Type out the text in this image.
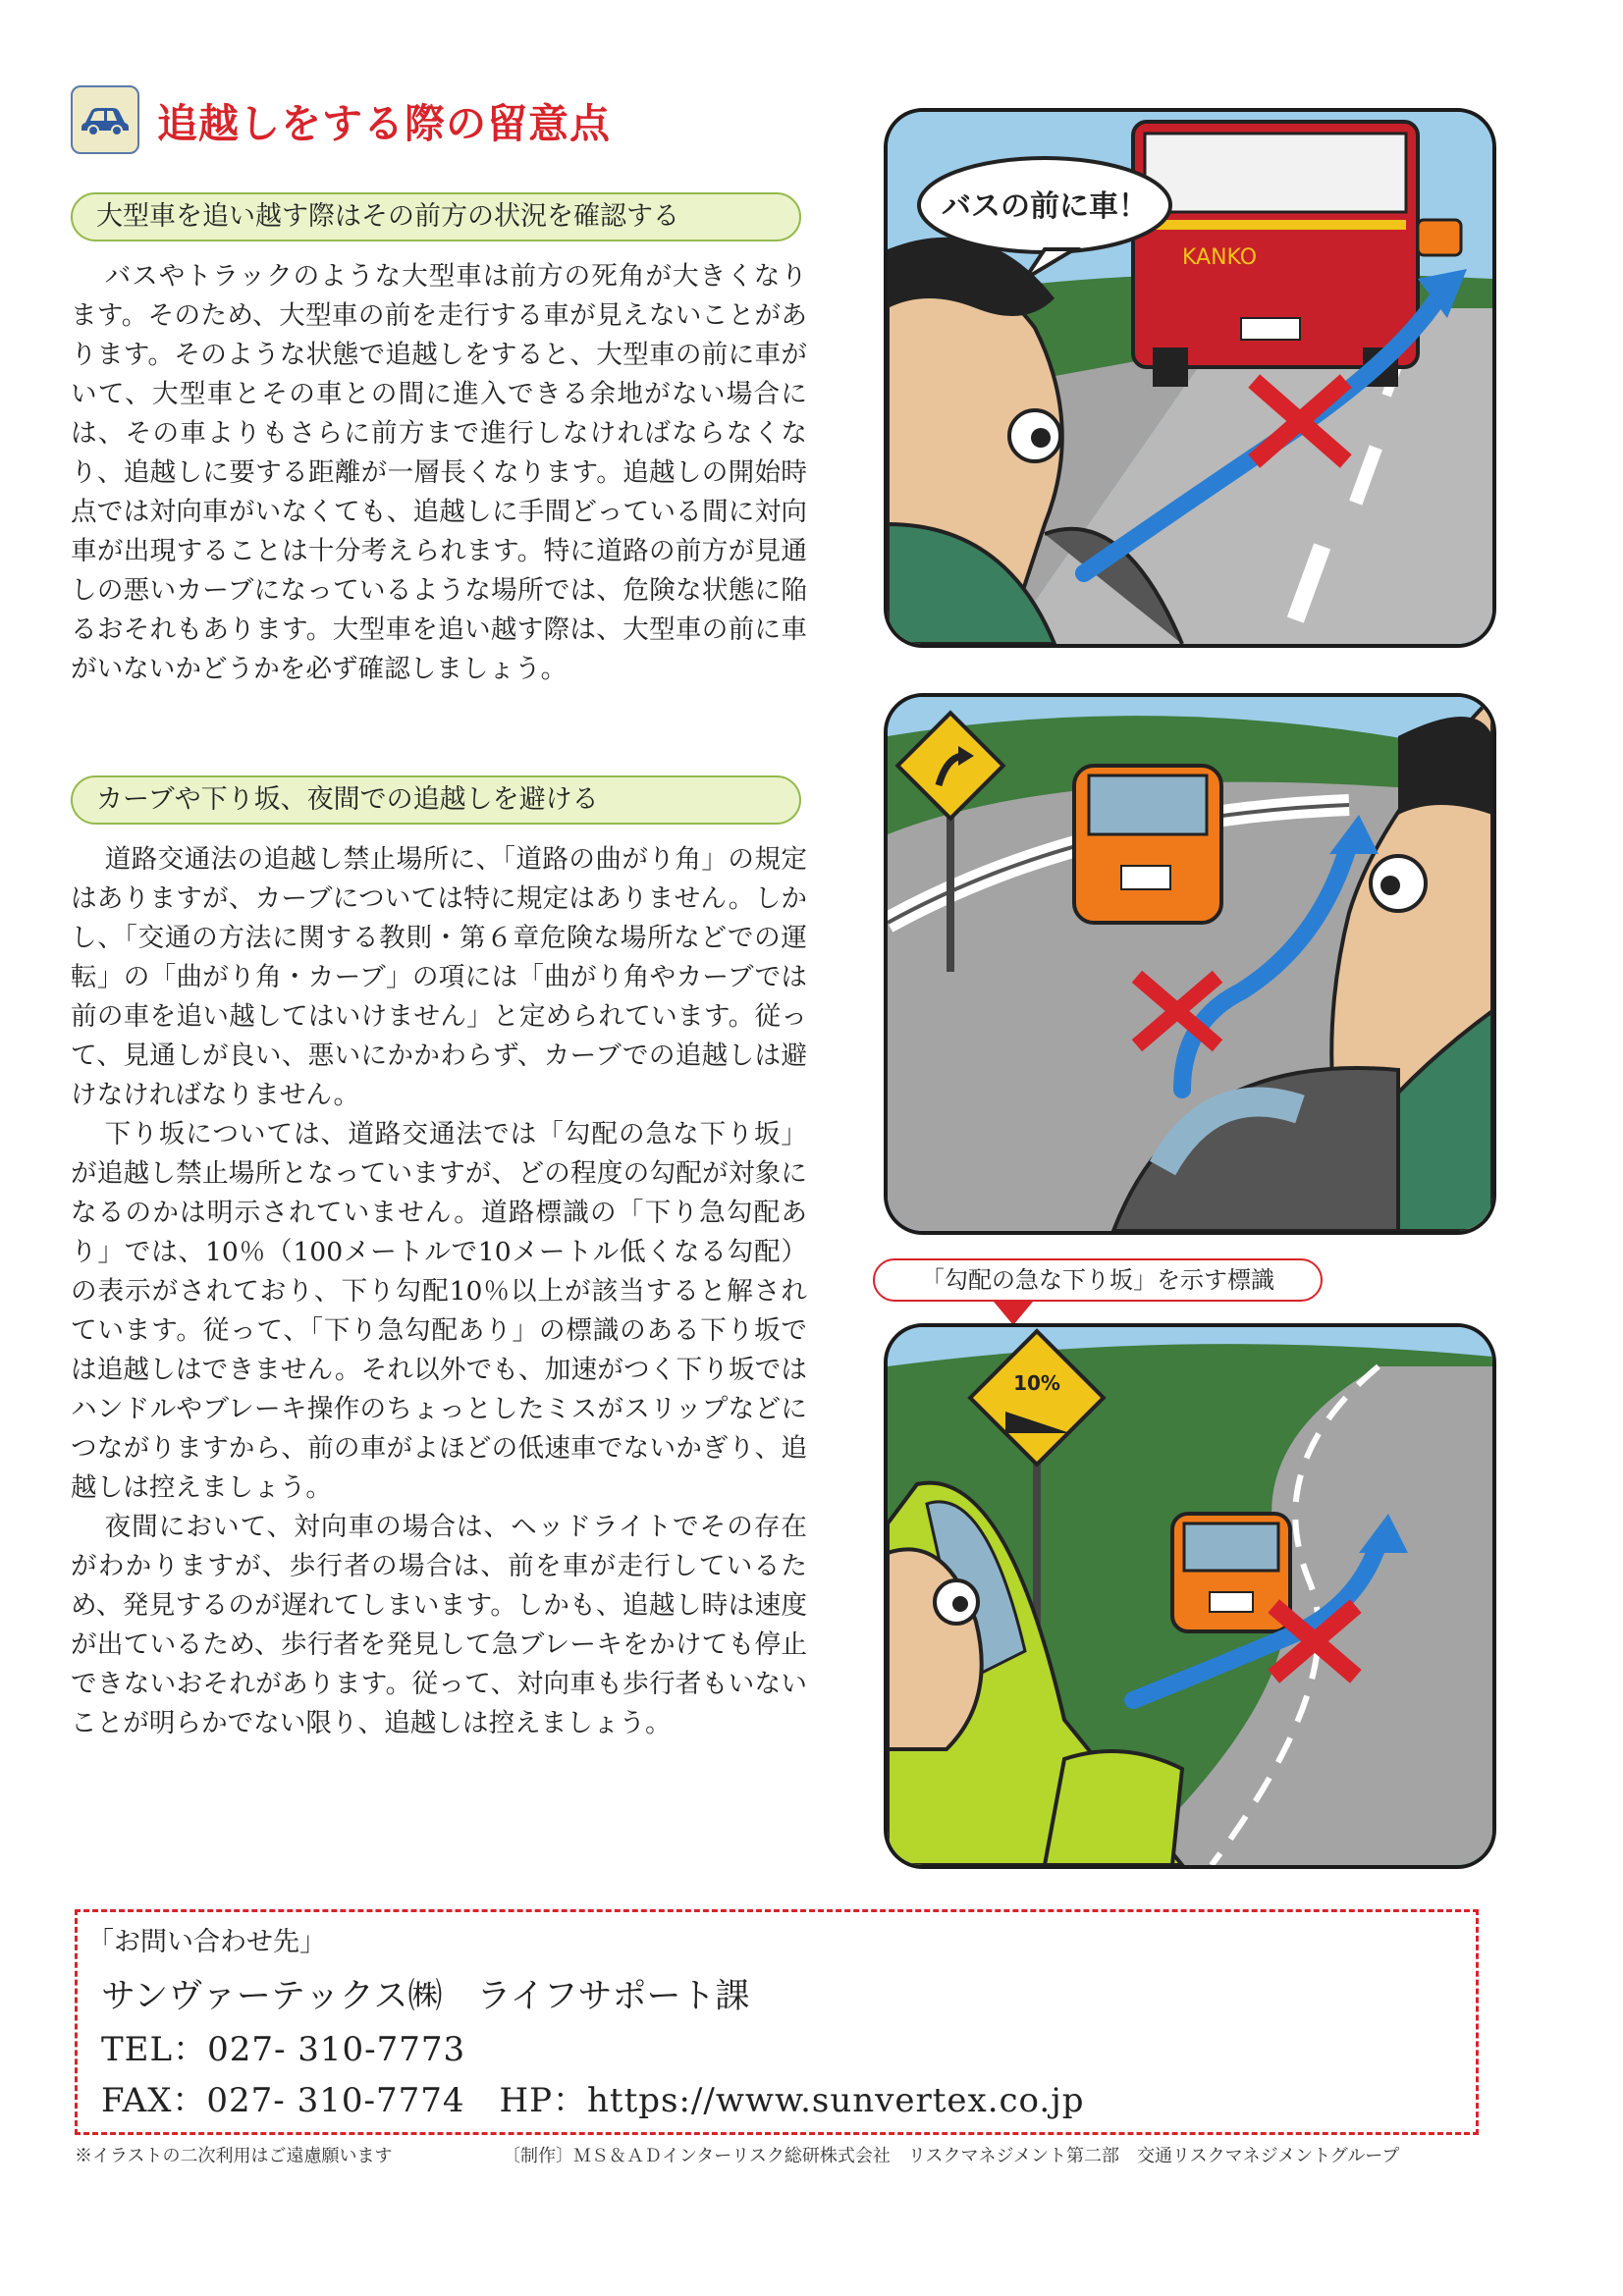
追越しをする際の留意点
大型車を追い越す際はその前方の状況を確認する

バスやトラックのような大型車は前方の死角が大きくなります。そのため、大型車の前を走行する車が見えないことがあります。そのような状態で追越しをすると、大型車の前に車がいて、大型車とその車との間に進入できる余地がない場合には、その車よりもさらに前方まで進行しなければならなくなり、追越しに要する距離が一層長くなります。追越しの開始時点では対向車がいなくても、追越しに手間どっている間に対向車が出現することは十分考えられます。特に道路の前方が見通しの悪いカーブになっているような場所では、危険な状態に陥るおそれもあります。大型車を追い越す際は、大型車の前に車がいないかどうかを必ず確認しましょう。

カーブや下り坂、夜間での追越しを避ける

道路交通法の追越し禁止場所に、「道路の曲がり角」の規定はありますが、カーブについては特に規定はありません。しかし、「交通の方法に関する教則・第６章危険な場所などでの運転」の「曲がり角・カーブ」の項には「曲がり角やカーブでは前の車を追い越してはいけません」と定められています。従って、見通しが良い、悪いにかかわらず、カーブでの追越しは避けなければなりません。

下り坂については、道路交通法では「勾配の急な下り坂」が追越し禁止場所となっていますが、どの程度の勾配が対象になるのかは明示されていません。道路標識の「下り急勾配あり」では、10％（100メートルで10メートル低くなる勾配）の表示がされており、下り勾配10％以上が該当すると解されています。従って、「下り急勾配あり」の標識のある下り坂では追越しはできません。それ以外でも、加速がつく下り坂ではハンドルやブレーキ操作のちょっとしたミスがスリップなどにつながりますから、前の車がよほどの低速車でないかぎり、追越しは控えましょう。

夜間において、対向車の場合は、ヘッドライトでその存在がわかりますが、歩行者の場合は、前を車が走行しているため、発見するのが遅れてしまいます。しかも、追越し時は速度が出ているため、歩行者を発見して急ブレーキをかけても停止できないおそれがあります。従って、対向車も歩行者もいないことが明らかでない限り、追越しは控えましょう。

KANKO
バスの前に車！
「勾配の急な下り坂」を示す標識
10%
「お問い合わせ先」
サンヴァーテックス㈱　ライフサポート課
TEL：027- 310-7773
FAX：027- 310-7774　HP：https://www.sunvertex.co.jp
※イラストの二次利用はご遠慮願います	〔制作〕ＭＳ＆ＡＤインターリスク総研株式会社　リスクマネジメント第二部　交通リスクマネジメントグループ
